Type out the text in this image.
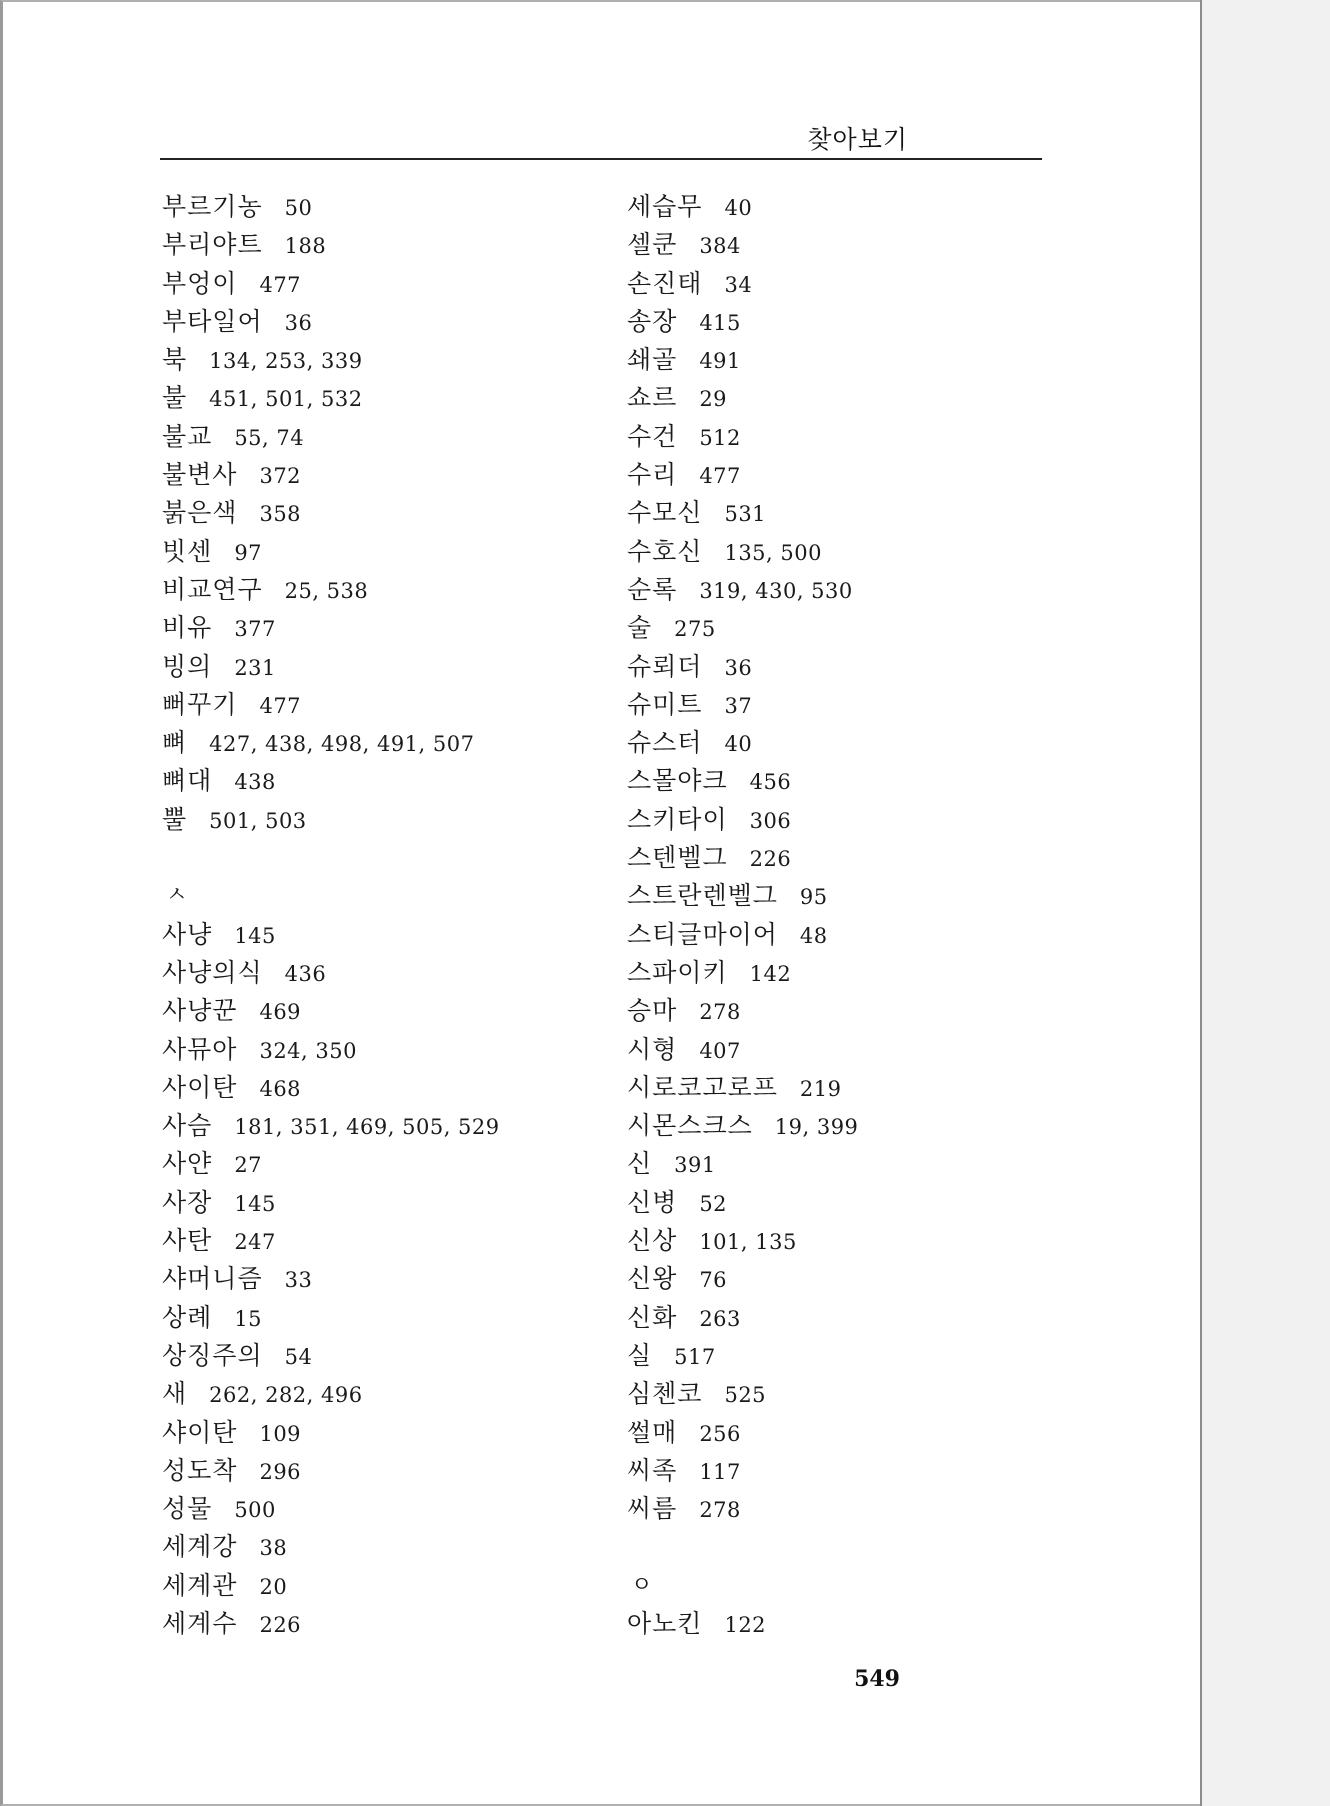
찾아보기
부르기농 50
부리야트 188
부엉이 477
부타일어 36
북 134, 253, 339
불 451, 501, 532
불교 55, 74
불변사 372
붉은색 358
빗센 97
비교연구 25, 538
비유 377
빙의 231
뻐꾸기 477
뼈 427, 438, 498, 491, 507
뼈대 438
뿔 501, 503
ㅅ
사냥 145
사냥의식 436
사냥꾼 469
사뮤아 324, 350
사이탄 468
사슴 181, 351, 469, 505, 529
사얀 27
사장 145
사탄 247
샤머니즘 33
상례 15
상징주의 54
새 262, 282, 496
샤이탄 109
성도착 296
성물 500
세계강 38
세계관 20
세계수 226
세습무 40
셀쿤 384
손진태 34
송장 415
쇄골 491
쇼르 29
수건 512
수리 477
수모신 531
수호신 135, 500
순록 319, 430, 530
술 275
슈뢰더 36
슈미트 37
슈스터 40
스몰야크 456
스키타이 306
스텐벨그 226
스트란렌벨그 95
스티글마이어 48
스파이키 142
승마 278
시형 407
시로코고로프 219
시몬스크스 19, 399
신 391
신병 52
신상 101, 135
신왕 76
신화 263
실 517
심첸코 525
썰매 256
씨족 117
씨름 278
ㅇ
아노킨 122
549
